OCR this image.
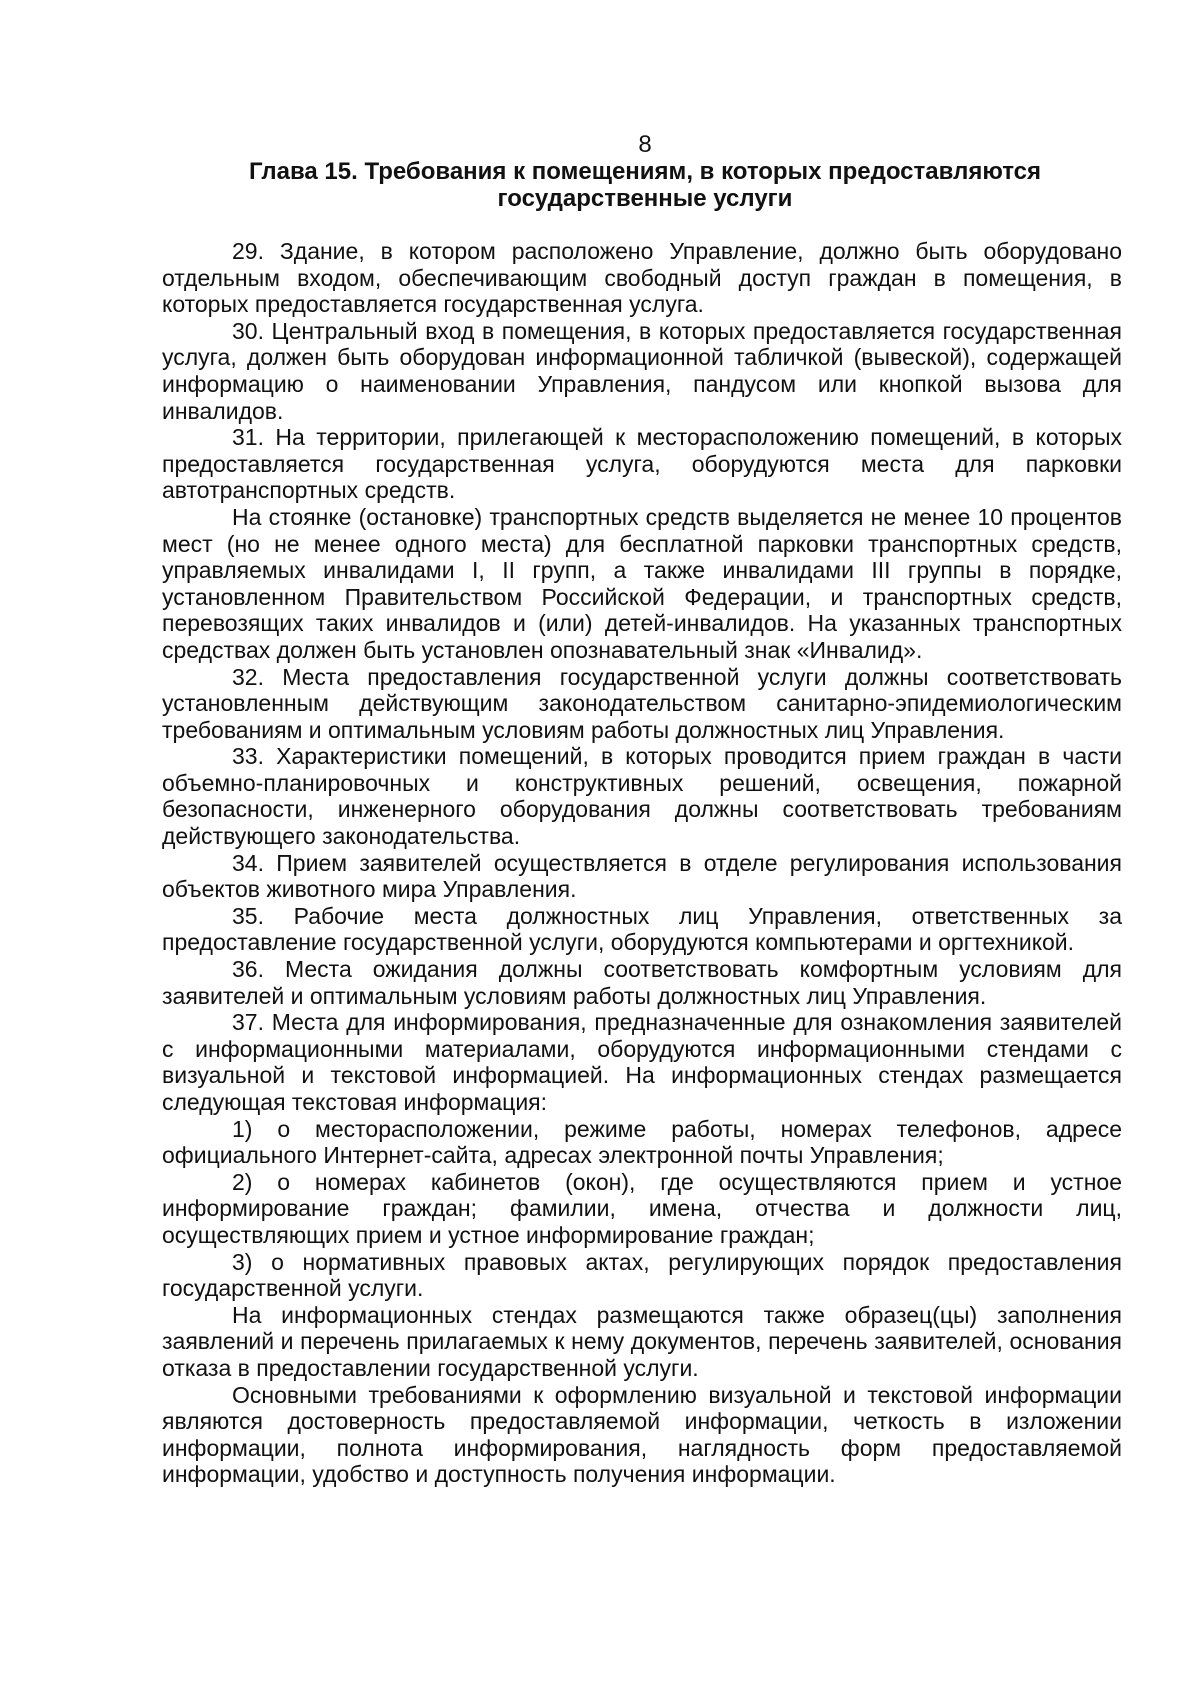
8
Глава 15. Требования к помещениям, в которых предоставляются государственные услуги

29. Здание, в котором расположено Управление, должно быть оборудовано отдельным входом, обеспечивающим свободный доступ граждан в помещения, в которых предоставляется государственная услуга.

30. Центральный вход в помещения, в которых предоставляется государственная услуга, должен быть оборудован информационной табличкой (вывеской), содержащей информацию о наименовании Управления, пандусом или кнопкой вызова для инвалидов.

31. На территории, прилегающей к месторасположению помещений, в которых предоставляется государственная услуга, оборудуются места для парковки автотранспортных средств.

На стоянке (остановке) транспортных средств выделяется не менее 10 процентов мест (но не менее одного места) для бесплатной парковки транспортных средств, управляемых инвалидами I, II групп, а также инвалидами III группы в порядке, установленном Правительством Российской Федерации, и транспортных средств, перевозящих таких инвалидов и (или) детей-инвалидов. На указанных транспортных средствах должен быть установлен опознавательный знак «Инвалид».

32. Места предоставления государственной услуги должны соответствовать установленным действующим законодательством санитарно-эпидемиологическим требованиям и оптимальным условиям работы должностных лиц Управления.

33. Характеристики помещений, в которых проводится прием граждан в части объемно-планировочных и конструктивных решений, освещения, пожарной безопасности, инженерного оборудования должны соответствовать требованиям действующего законодательства.

34. Прием заявителей осуществляется в отделе регулирования использования объектов животного мира Управления.

35. Рабочие места должностных лиц Управления, ответственных за предоставление государственной услуги, оборудуются компьютерами и оргтехникой.

36. Места ожидания должны соответствовать комфортным условиям для заявителей и оптимальным условиям работы должностных лиц Управления.

37. Места для информирования, предназначенные для ознакомления заявителей с информационными материалами, оборудуются информационными стендами с визуальной и текстовой информацией. На информационных стендах размещается следующая текстовая информация:

1) о месторасположении, режиме работы, номерах телефонов, адресе официального Интернет-сайта, адресах электронной почты Управления;

2) о номерах кабинетов (окон), где осуществляются прием и устное информирование граждан; фамилии, имена, отчества и должности лиц, осуществляющих прием и устное информирование граждан;

3) о нормативных правовых актах, регулирующих порядок предоставления государственной услуги.

На информационных стендах размещаются также образец(цы) заполнения заявлений и перечень прилагаемых к нему документов, перечень заявителей, основания отказа в предоставлении государственной услуги.

Основными требованиями к оформлению визуальной и текстовой информации являются достоверность предоставляемой информации, четкость в изложении информации, полнота информирования, наглядность форм предоставляемой информации, удобство и доступность получения информации.
